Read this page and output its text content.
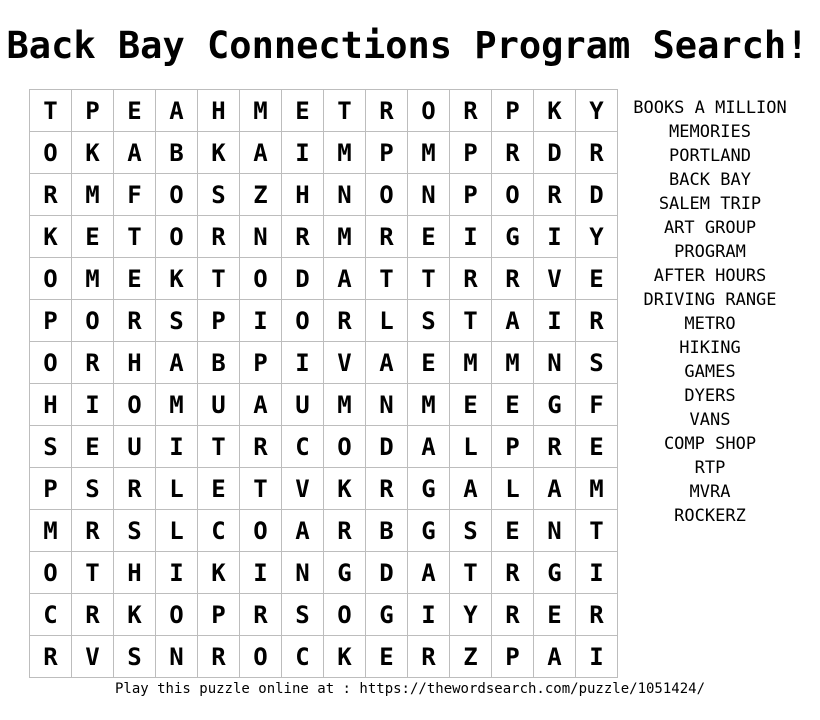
Back Bay Connections Program Search!
T	P	E	A	H	M	E	T	R	O	R	P	K	Y
O	K	A	B	K	A	I	M	P	M	P	R	D	R
R	M	F	O	S	Z	H	N	O	N	P	O	R	D
K	E	T	O	R	N	R	M	R	E	I	G	I	Y
O	M	E	K	T	O	D	A	T	T	R	R	V	E
P	O	R	S	P	I	O	R	L	S	T	A	I	R
O	R	H	A	B	P	I	V	A	E	M	M	N	S
H	I	O	M	U	A	U	M	N	M	E	E	G	F
S	E	U	I	T	R	C	O	D	A	L	P	R	E
P	S	R	L	E	T	V	K	R	G	A	L	A	M
M	R	S	L	C	O	A	R	B	G	S	E	N	T
O	T	H	I	K	I	N	G	D	A	T	R	G	I
C	R	K	O	P	R	S	O	G	I	Y	R	E	R
R	V	S	N	R	O	C	K	E	R	Z	P	A	I
BOOKS A MILLION
MEMORIES
PORTLAND
BACK BAY
SALEM TRIP
ART GROUP
PROGRAM
AFTER HOURS
DRIVING RANGE
METRO
HIKING
GAMES
DYERS
VANS
COMP SHOP
RTP
MVRA
ROCKERZ
Play this puzzle online at : https://thewordsearch.com/puzzle/1051424/
